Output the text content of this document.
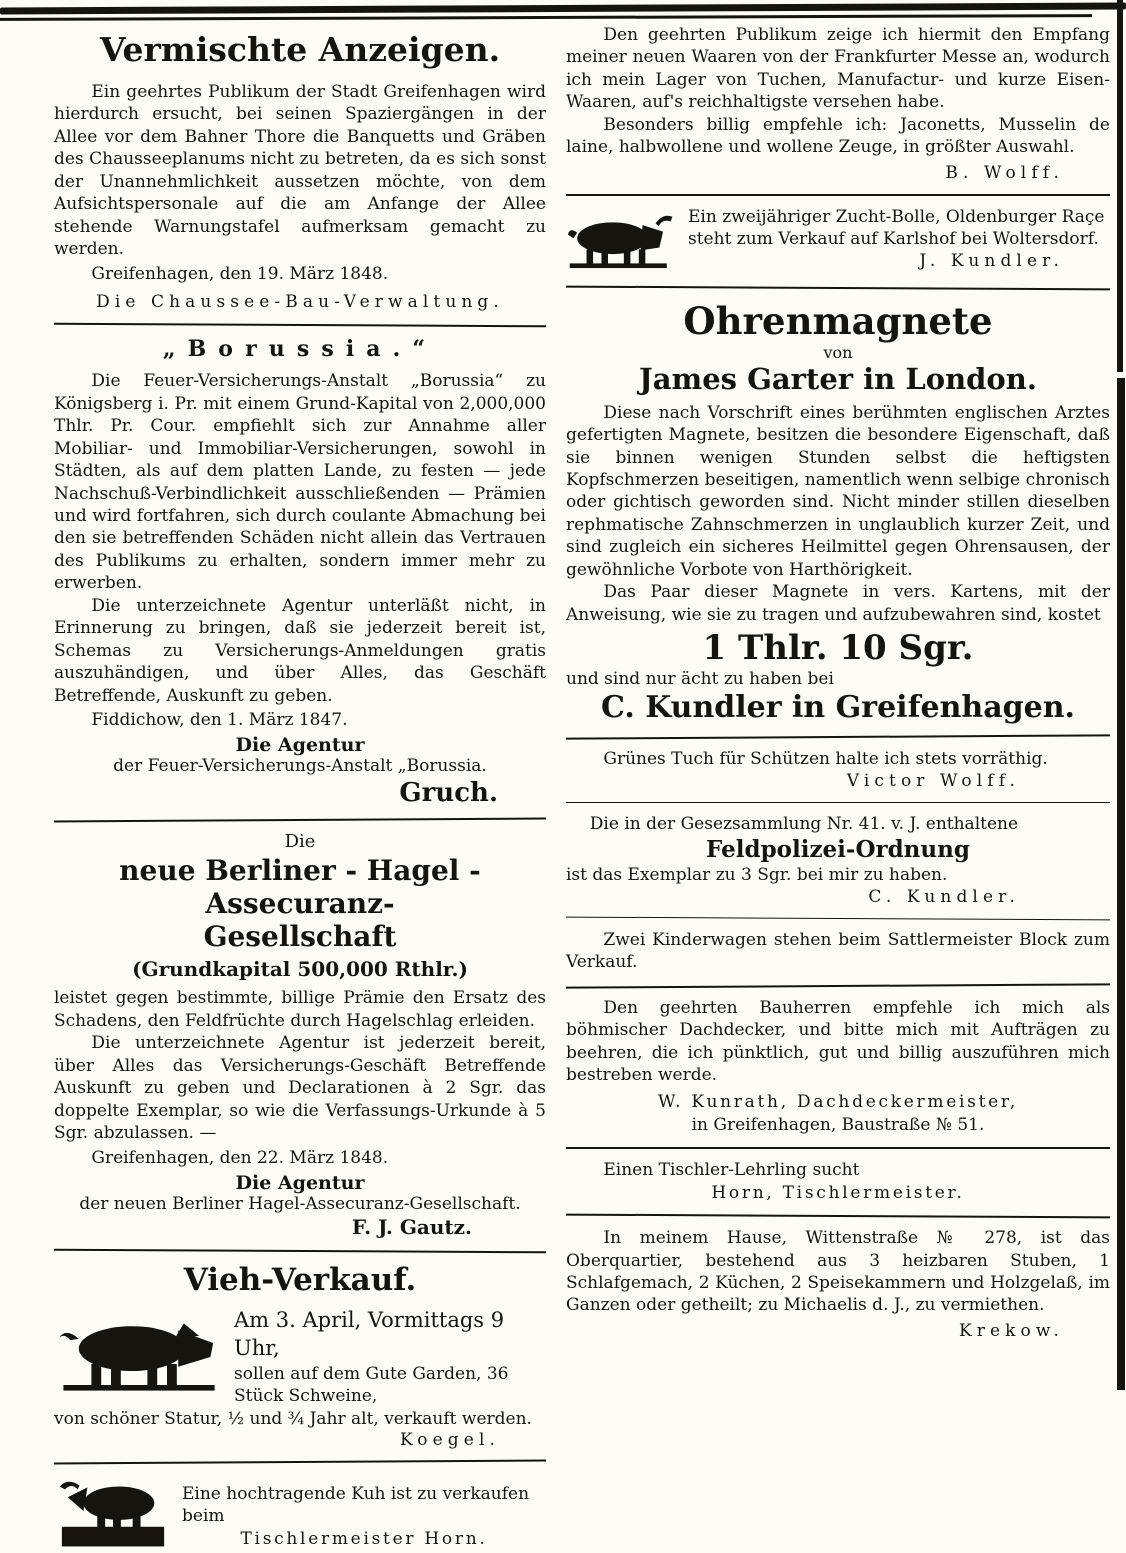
Vermischte Anzeigen.

Ein geehrtes Publikum der Stadt Greifenhagen wird hierdurch ersucht, bei seinen Spaziergängen in der Allee vor dem Bahner Thore die Banquetts und Gräben des Chausseeplanums nicht zu betreten, da es sich sonst der Unannehmlichkeit aussetzen möchte, von dem Aufsichtspersonale auf die am Anfange der Allee stehende Warnungstafel aufmerksam gemacht zu werden.

Greifenhagen, den 19. März 1848.

Die Chaussee-Bau-Verwaltung.

„Borussia.“

Die Feuer-Versicherungs-Anstalt „Borussia“ zu Königsberg i. Pr. mit einem Grund-Kapital von 2,000,000 Thlr. Pr. Cour. empfiehlt sich zur Annahme aller Mobiliar- und Immobiliar-Versicherungen, sowohl in Städten, als auf dem platten Lande, zu festen — jede Nachschuß-Verbindlichkeit ausschließenden — Prämien und wird fortfahren, sich durch coulante Abmachung bei den sie betreffenden Schäden nicht allein das Vertrauen des Publikums zu erhalten, sondern immer mehr zu erwerben.

Die unterzeichnete Agentur unterläßt nicht, in Erinnerung zu bringen, daß sie jederzeit bereit ist, Schemas zu Versicherungs-Anmeldungen gratis auszuhändigen, und über Alles, das Geschäft Betreffende, Auskunft zu geben.

Fiddichow, den 1. März 1847.

Die Agentur

der Feuer-Versicherungs-Anstalt „Borussia.

Gruch.

Die

neue Berliner - Hagel - Assecuranz-
Gesellschaft

(Grundkapital 500,000 Rthlr.)

leistet gegen bestimmte, billige Prämie den Ersatz des Schadens, den Feldfrüchte durch Hagelschlag erleiden.

Die unterzeichnete Agentur ist jederzeit bereit, über Alles das Versicherungs-Geschäft Betreffende Auskunft zu geben und Declarationen à 2 Sgr. das doppelte Exemplar, so wie die Verfassungs-Urkunde à 5 Sgr. abzulassen. —

Greifenhagen, den 22. März 1848.

Die Agentur

der neuen Berliner Hagel-Assecuranz-Gesellschaft.

F. J. Gautz.

Vieh-Verkauf.

Am 3. April, Vormittags 9 Uhr,

sollen auf dem Gute Garden, 36 Stück Schweine,

von schöner Statur, ½ und ¾ Jahr alt, verkauft werden.

Koegel.

Eine hochtragende Kuh ist zu verkaufen beim

Tischlermeister Horn.

Den geehrten Publikum zeige ich hiermit den Empfang meiner neuen Waaren von der Frankfurter Messe an, wodurch ich mein Lager von Tuchen, Manufactur- und kurze Eisen-Waaren, auf's reichhaltigste versehen habe.

Besonders billig empfehle ich: Jaconetts, Musselin de laine, halbwollene und wollene Zeuge, in größter Auswahl.

B. Wolff.

Ein zweijähriger Zucht-Bolle, Oldenburger Raçe steht zum Verkauf auf Karlshof bei Woltersdorf.

J. Kundler.

Ohrenmagnete

von

James Garter in London.

Diese nach Vorschrift eines berühmten englischen Arztes gefertigten Magnete, besitzen die besondere Eigenschaft, daß sie binnen wenigen Stunden selbst die heftigsten Kopfschmerzen beseitigen, namentlich wenn selbige chronisch oder gichtisch geworden sind. Nicht minder stillen dieselben rephmatische Zahnschmerzen in unglaublich kurzer Zeit, und sind zugleich ein sicheres Heilmittel gegen Ohrensausen, der gewöhnliche Vorbote von Harthörigkeit.

Das Paar dieser Magnete in vers. Kartens, mit der Anweisung, wie sie zu tragen und aufzubewahren sind, kostet

1 Thlr. 10 Sgr.

und sind nur ächt zu haben bei

C. Kundler in Greifenhagen.

Grünes Tuch für Schützen halte ich stets vorräthig.

Victor Wolff.

Die in der Gesezsammlung Nr. 41. v. J. enthaltene

Feldpolizei-Ordnung

ist das Exemplar zu 3 Sgr. bei mir zu haben.

C. Kundler.

Zwei Kinderwagen stehen beim Sattlermeister Block zum Verkauf.

Den geehrten Bauherren empfehle ich mich als böhmischer Dachdecker, und bitte mich mit Aufträgen zu beehren, die ich pünktlich, gut und billig auszuführen mich bestreben werde.

W. Kunrath, Dachdeckermeister,

in Greifenhagen, Baustraße № 51.

Einen Tischler-Lehrling sucht

Horn, Tischlermeister.

In meinem Hause, Wittenstraße № 278, ist das Oberquartier, bestehend aus 3 heizbaren Stuben, 1 Schlafgemach, 2 Küchen, 2 Speisekammern und Holzgelaß, im Ganzen oder getheilt; zu Michaelis d. J., zu vermiethen.

Krekow.
